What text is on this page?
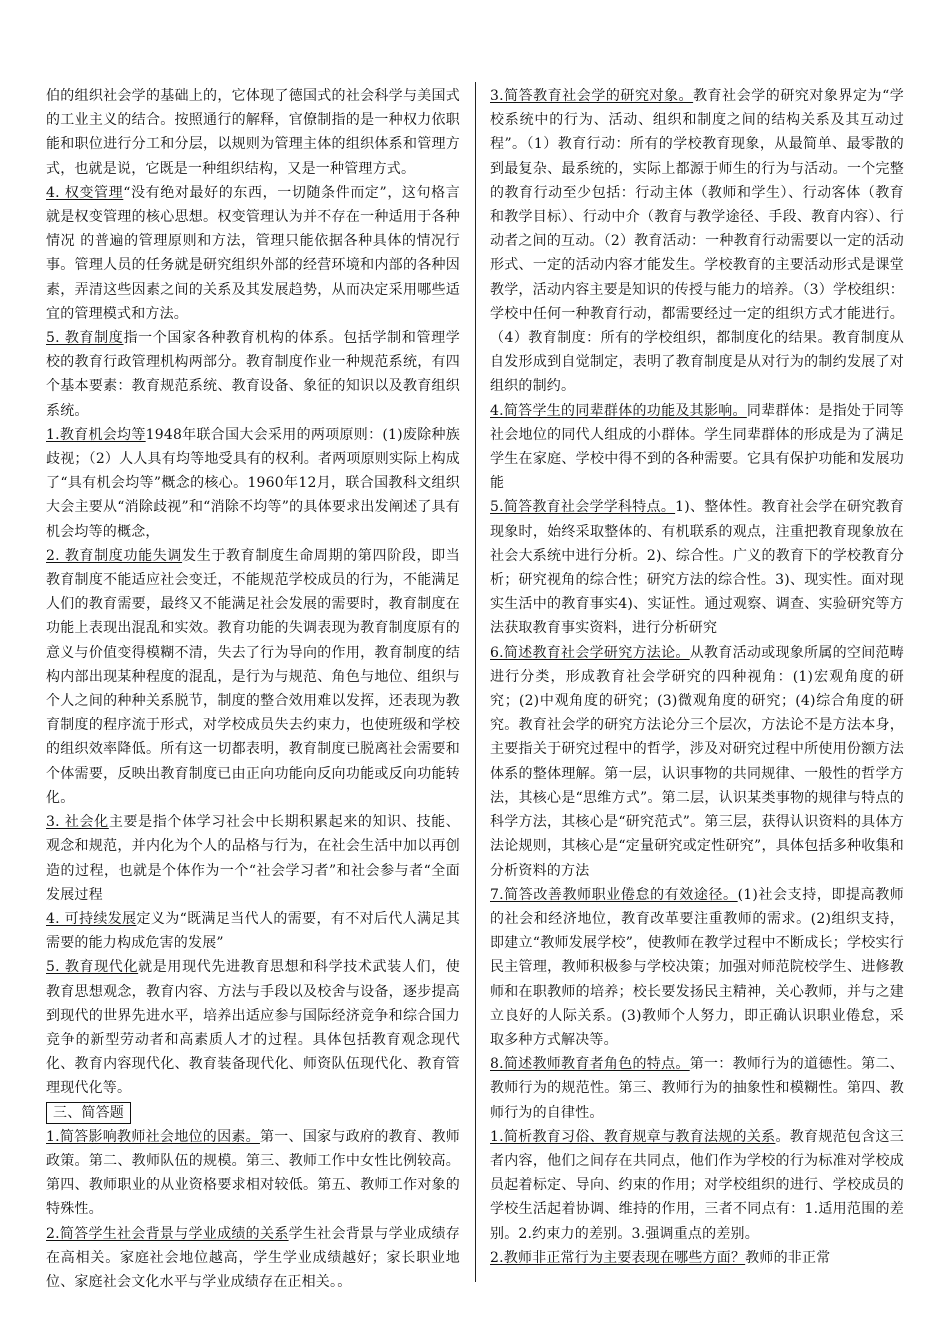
伯的组织社会学的基础上的，它体现了德国式的社会科学与美国式的工业主义的结合。按照通行的解释，官僚制指的是一种权力依职能和职位进行分工和分层，以规则为管理主体的组织体系和管理方式，也就是说，它既是一种组织结构，又是一种管理方式。

4. 权变管理“没有绝对最好的东西，一切随条件而定”，这句格言就是权变管理的核心思想。权变管理认为并不存在一种适用于各种情况 的普遍的管理原则和方法，管理只能依据各种具体的情况行事。管理人员的任务就是研究组织外部的经营环境和内部的各种因素，弄清这些因素之间的关系及其发展趋势，从而决定采用哪些适宜的管理模式和方法。

5. 教育制度指一个国家各种教育机构的体系。包括学制和管理学校的教育行政管理机构两部分。教育制度作业一种规范系统，有四个基本要素：教育规范系统、教育设备、象征的知识以及教育组织系统。

1.教育机会均等1948年联合国大会采用的两项原则：(1)废除种族歧视；（2）人人具有均等地受具有的权利。者两项原则实际上构成了“具有机会均等”概念的核心。1960年12月，联合国教科文组织大会主要从“消除歧视”和“消除不均等”的具体要求出发阐述了具有机会均等的概念，

2. 教育制度功能失调发生于教育制度生命周期的第四阶段，即当教育制度不能适应社会变迁，不能规范学校成员的行为，不能满足人们的教育需要，最终又不能满足社会发展的需要时，教育制度在功能上表现出混乱和实效。教育功能的失调表现为教育制度原有的意义与价值变得模糊不清，失去了行为导向的作用，教育制度的结构内部出现某种程度的混乱，是行为与规范、角色与地位、组织与个人之间的种种关系脱节，制度的整合效用难以发挥，还表现为教育制度的程序流于形式，对学校成员失去约束力，也使班级和学校的组织效率降低。所有这一切都表明，教育制度已脱离社会需要和个体需要，反映出教育制度已由正向功能向反向功能或反向功能转化。

3. 社会化主要是指个体学习社会中长期积累起来的知识、技能、观念和规范，并内化为个人的品格与行为，在社会生活中加以再创造的过程，也就是个体作为一个“社会学习者”和社会参与者“全面发展过程

4. 可持续发展定义为“既满足当代人的需要，有不对后代人满足其需要的能力构成危害的发展”

5. 教育现代化就是用现代先进教育思想和科学技术武装人们，使教育思想观念，教育内容、方法与手段以及校舍与设备，逐步提高到现代的世界先进水平，培养出适应参与国际经济竞争和综合国力竞争的新型劳动者和高素质人才的过程。具体包括教育观念现代化、教育内容现代化、教育装备现代化、师资队伍现代化、教育管理现代化等。

三、简答题

1.简答影响教师社会地位的因素。第一、国家与政府的教育、教师政策。第二、教师队伍的规模。第三、教师工作中女性比例较高。第四、教师职业的从业资格要求相对较低。第五、教师工作对象的特殊性。

2.简答学生社会背景与学业成绩的关系学生社会背景与学业成绩存在高相关。家庭社会地位越高，学生学业成绩越好；家长职业地位、家庭社会文化水平与学业成绩存在正相关。。

3.简答教育社会学的研究对象。教育社会学的研究对象界定为“学校系统中的行为、活动、组织和制度之间的结构关系及其互动过程”。（1）教育行动：所有的学校教育现象，从最简单、最零散的到最复杂、最系统的，实际上都源于师生的行为与活动。一个完整的教育行动至少包括：行动主体（教师和学生）、行动客体（教育和教学目标）、行动中介（教育与教学途径、手段、教育内容）、行动者之间的互动。（2）教育活动：一种教育行动需要以一定的活动形式、一定的活动内容才能发生。学校教育的主要活动形式是课堂教学，活动内容主要是知识的传授与能力的培养。（3）学校组织：学校中任何一种教育行动，都需要经过一定的组织方式才能进行。（4）教育制度：所有的学校组织，都制度化的结果。教育制度从自发形成到自觉制定，表明了教育制度是从对行为的制约发展了对组织的制约。

4.简答学生的同辈群体的功能及其影响。同辈群体：是指处于同等社会地位的同代人组成的小群体。学生同辈群体的形成是为了满足学生在家庭、学校中得不到的各种需要。它具有保护功能和发展功能

5.简答教育社会学学科特点。1)、整体性。教育社会学在研究教育现象时，始终采取整体的、有机联系的观点，注重把教育现象放在社会大系统中进行分析。2)、综合性。广义的教育下的学校教育分析；研究视角的综合性；研究方法的综合性。3)、现实性。面对现实生活中的教育事实4)、实证性。通过观察、调查、实验研究等方法获取教育事实资料，进行分析研究

6.简述教育社会学研究方法论。从教育活动或现象所属的空间范畴进行分类，形成教育社会学研究的四种视角：(1)宏观角度的研究；(2)中观角度的研究；(3)微观角度的研究；(4)综合角度的研究。教育社会学的研究方法论分三个层次，方法论不是方法本身，主要指关于研究过程中的哲学，涉及对研究过程中所使用份额方法体系的整体理解。第一层，认识事物的共同规律、一般性的哲学方法，其核心是“思维方式”。第二层，认识某类事物的规律与特点的科学方法，其核心是“研究范式”。第三层，获得认识资料的具体方法论规则，其核心是“定量研究或定性研究”，具体包括多种收集和分析资料的方法

7.简答改善教师职业倦怠的有效途径。(1)社会支持，即提高教师的社会和经济地位，教育改革要注重教师的需求。(2)组织支持，即建立“教师发展学校”，使教师在教学过程中不断成长；学校实行民主管理，教师积极参与学校决策；加强对师范院校学生、进修教师和在职教师的培养；校长要发扬民主精神，关心教师，并与之建立良好的人际关系。(3)教师个人努力，即正确认识职业倦怠，采取多种方式解决等。

8.简述教师教育者角色的特点。第一：教师行为的道德性。第二、教师行为的规范性。第三、教师行为的抽象性和模糊性。第四、教师行为的自律性。

1.简析教育习俗、教育规章与教育法规的关系。教育规范包含这三者内容，他们之间存在共同点，他们作为学校的行为标准对学校成员起着标定、导向、约束的作用；对学校组织的进行、学校成员的学校生活起着协调、维持的作用，三者不同点有：1.适用范围的差别。2.约束力的差别。3.强调重点的差别。

2.教师非正常行为主要表现在哪些方面？教师的非正常
